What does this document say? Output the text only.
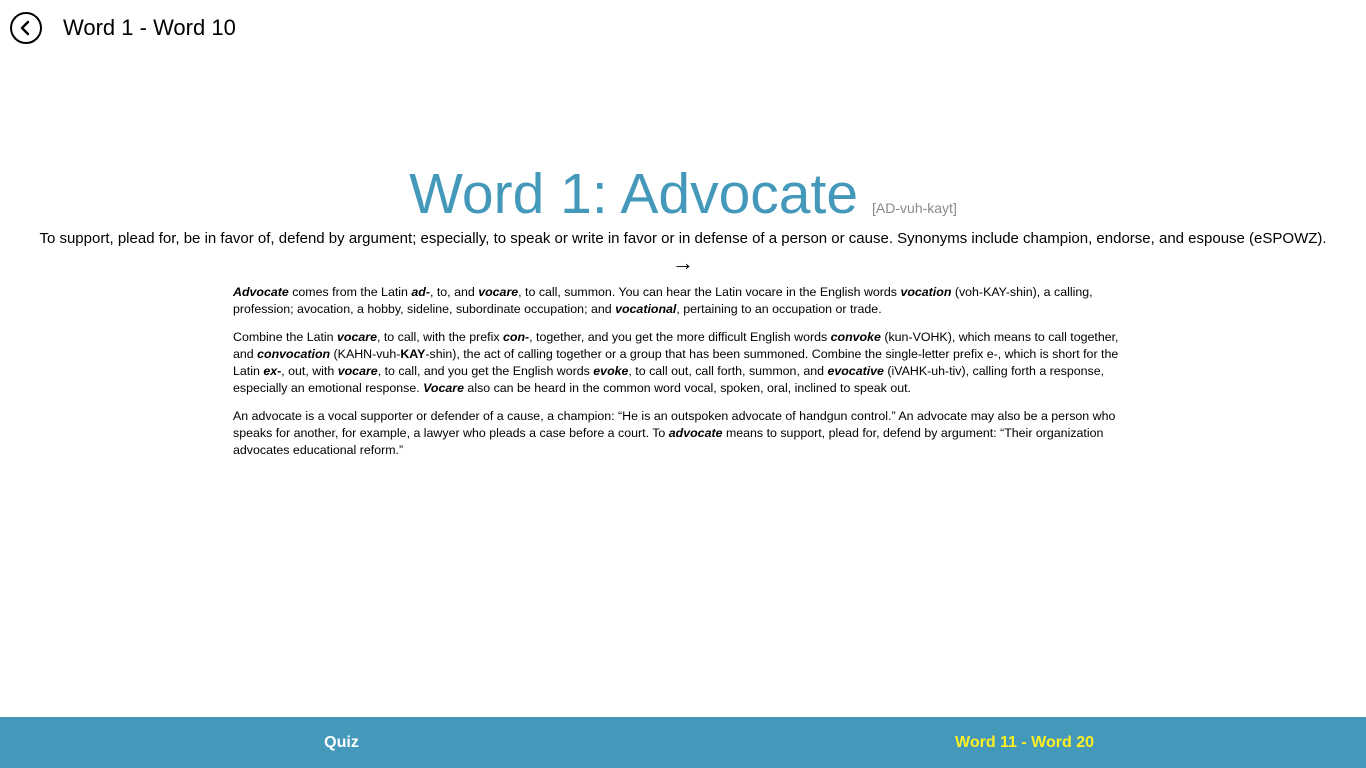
Word 1 - Word 10
Word 1: Advocate [AD-vuh-kayt]
To support, plead for, be in favor of, defend by argument; especially, to speak or write in favor or in defense of a person or cause. Synonyms include champion, endorse, and espouse (eSPOWZ).
→

Advocate comes from the Latin ad-, to, and vocare, to call, summon. You can hear the Latin vocare in the English words vocation (voh-KAY-shin), a calling, profession; avocation, a hobby, sideline, subordinate occupation; and vocational, pertaining to an occupation or trade.

Combine the Latin vocare, to call, with the prefix con-, together, and you get the more difficult English words convoke (kun-VOHK), which means to call together, and convocation (KAHN-vuh-KAY-shin), the act of calling together or a group that has been summoned. Combine the single-letter prefix e-, which is short for the Latin ex-, out, with vocare, to call, and you get the English words evoke, to call out, call forth, summon, and evocative (iVAHK-uh-tiv), calling forth a response, especially an emotional response. Vocare also can be heard in the common word vocal, spoken, oral, inclined to speak out.

An advocate is a vocal supporter or defender of a cause, a champion: “He is an outspoken advocate of handgun control.” An advocate may also be a person who speaks for another, for example, a lawyer who pleads a case before a court. To advocate means to support, plead for, defend by argument: “Their organization advocates educational reform.”

Quiz	Word 11 - Word 20
